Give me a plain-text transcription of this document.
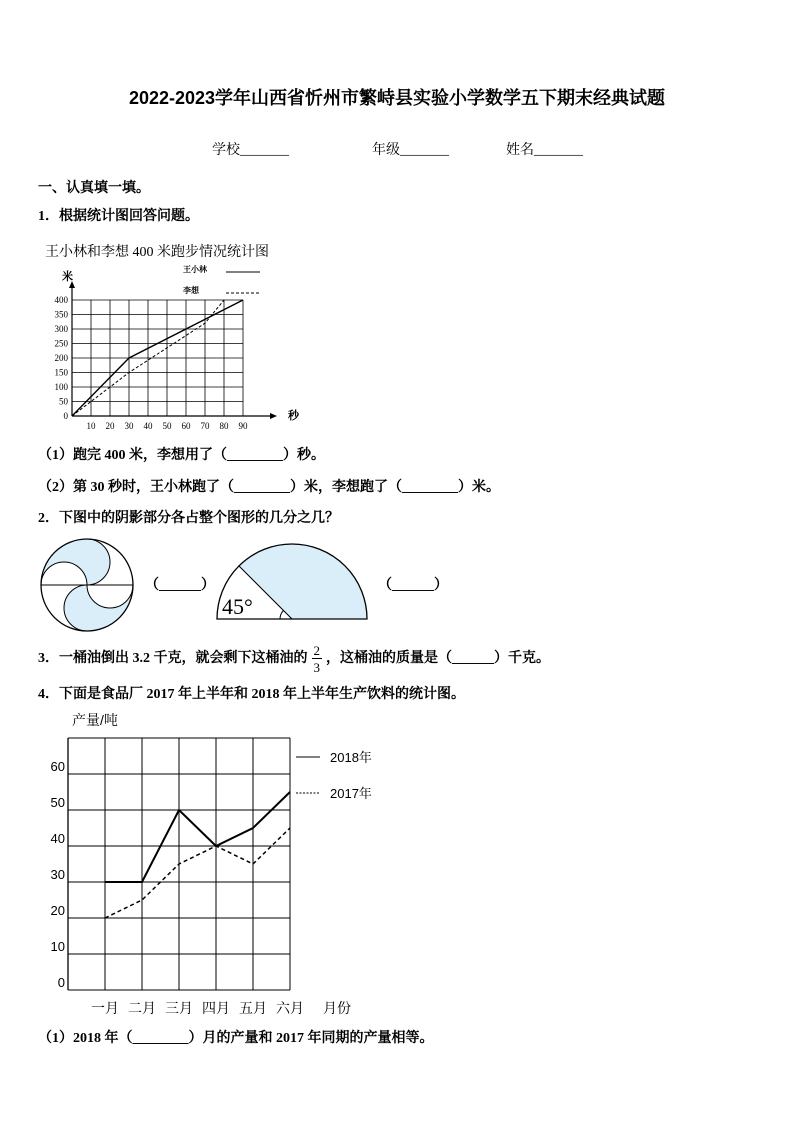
2022-2023学年山西省忻州市繁峙县实验小学数学五下期末经典试题
学校_______	年级_______	姓名_______
一、认真填一填。
1．根据统计图回答问题。
王小林和李想 400 米跑步情况统计图
10 20 30 40 50 60 70 80 90
0
50
100
150
200
250
300
350
400
米
秒
王小林
李想
（1）跑完 400 米，李想用了（________）秒。
（2）第 30 秒时，王小林跑了（________）米，李想跑了（________）米。
2．下图中的阴影部分各占整个图形的几分之几？
（______）
45°
（______）
3．一桶油倒出 3.2 千克，就会剩下这桶油的 $\frac{2}{3}$ ，这桶油的质量是（______）千克。
4．下面是食品厂 2017 年上半年和 2018 年上半年生产饮料的统计图。
产量/吨
0
10
20
30
40
50
60
一月 二月 三月 四月 五月 六月 月份
2018年
2017年
（1）2018 年（________）月的产量和 2017 年同期的产量相等。
